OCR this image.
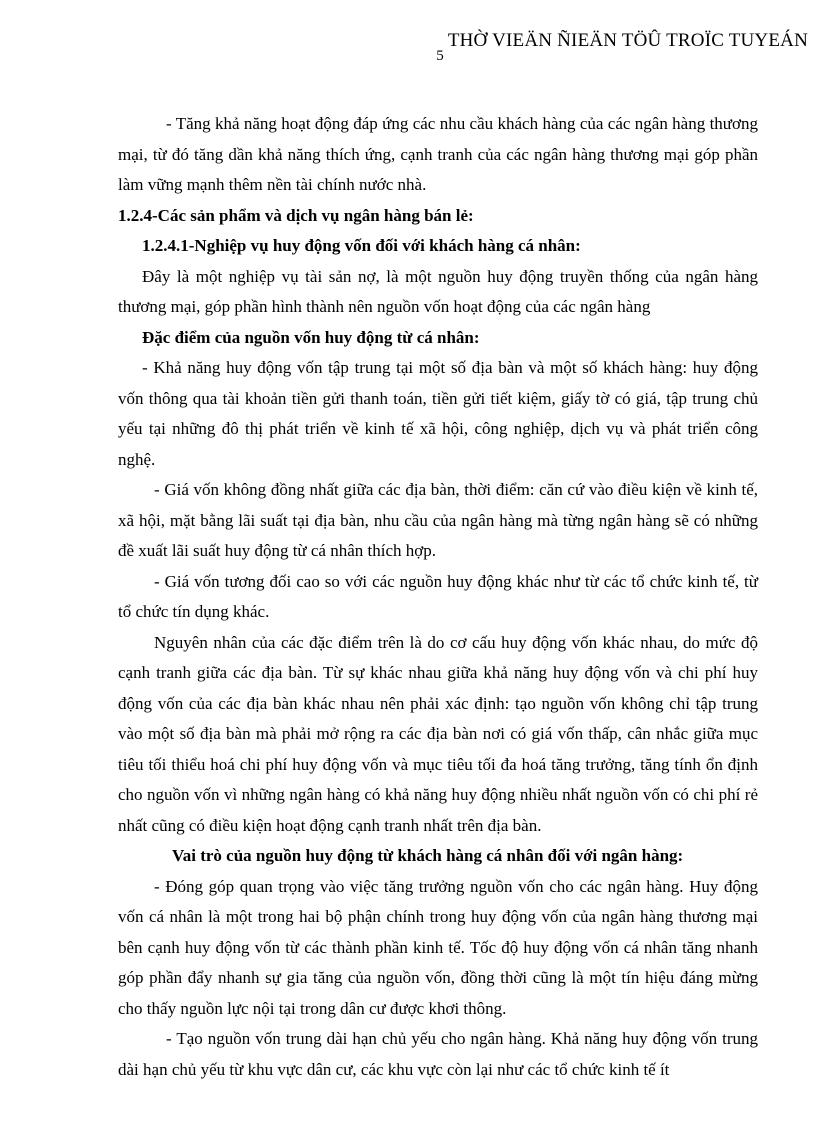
THỜ VIEÄN ÑIEÄN TÖÛ TROÏC TUYEÁN
5

- Tăng khả năng hoạt động đáp ứng các nhu cầu khách hàng của các ngân hàng thương mại, từ đó tăng dần khả năng thích ứng, cạnh tranh của các ngân hàng thương mại góp phần làm vững mạnh thêm nền tài chính nước nhà.

1.2.4-Các sản phẩm và dịch vụ ngân hàng bán lẻ:

1.2.4.1-Nghiệp vụ huy động vốn đối với khách hàng cá nhân:

Đây là một nghiệp vụ tài sản nợ, là một nguồn huy động truyền thống của ngân hàng thương mại, góp phần hình thành nên nguồn vốn hoạt động của các ngân hàng

Đặc điểm của nguồn vốn huy động từ cá nhân:

- Khả năng huy động vốn tập trung tại một số địa bàn và một số khách hàng: huy động vốn thông qua tài khoản tiền gửi thanh toán, tiền gửi tiết kiệm, giấy tờ có giá, tập trung chủ yếu tại những đô thị phát triển về kinh tế xã hội, công nghiệp, dịch vụ và phát triển công nghệ.

- Giá vốn không đồng nhất giữa các địa bàn, thời điểm: căn cứ vào điều kiện về kinh tế, xã hội, mặt bằng lãi suất tại địa bàn, nhu cầu của ngân hàng mà từng ngân hàng sẽ có những đề xuất lãi suất huy động từ cá nhân thích hợp.

- Giá vốn tương đối cao so với các nguồn huy động khác như từ các tổ chức kinh tế, từ tổ chức tín dụng khác.

Nguyên nhân của các đặc điểm trên là do cơ cấu huy động vốn khác nhau, do mức độ cạnh tranh giữa các địa bàn. Từ sự khác nhau giữa khả năng huy động vốn và chi phí huy động vốn của các địa bàn khác nhau nên phải xác định: tạo nguồn vốn không chỉ tập trung vào một số địa bàn mà phải mở rộng ra các địa bàn nơi có giá vốn thấp, cân nhắc giữa mục tiêu tối thiểu hoá chi phí huy động vốn và mục tiêu tối đa hoá tăng trưởng, tăng tính ổn định cho nguồn vốn vì những ngân hàng có khả năng huy động nhiều nhất nguồn vốn có chi phí rẻ nhất cũng có điều kiện hoạt động cạnh tranh nhất trên địa bàn.

Vai trò của nguồn huy động từ khách hàng cá nhân đối với ngân hàng:

- Đóng góp quan trọng vào việc tăng trưởng nguồn vốn cho các ngân hàng. Huy động vốn cá nhân là một trong hai bộ phận chính trong huy động vốn của ngân hàng thương mại bên cạnh huy động vốn từ các thành phần kinh tế. Tốc độ huy động vốn cá nhân tăng nhanh góp phần đẩy nhanh sự gia tăng của nguồn vốn, đồng thời cũng là một tín hiệu đáng mừng cho thấy nguồn lực nội tại trong dân cư được khơi thông.

- Tạo nguồn vốn trung dài hạn chủ yếu cho ngân hàng. Khả năng huy động vốn trung dài hạn chủ yếu từ khu vực dân cư, các khu vực còn lại như các tổ chức kinh tế ít
